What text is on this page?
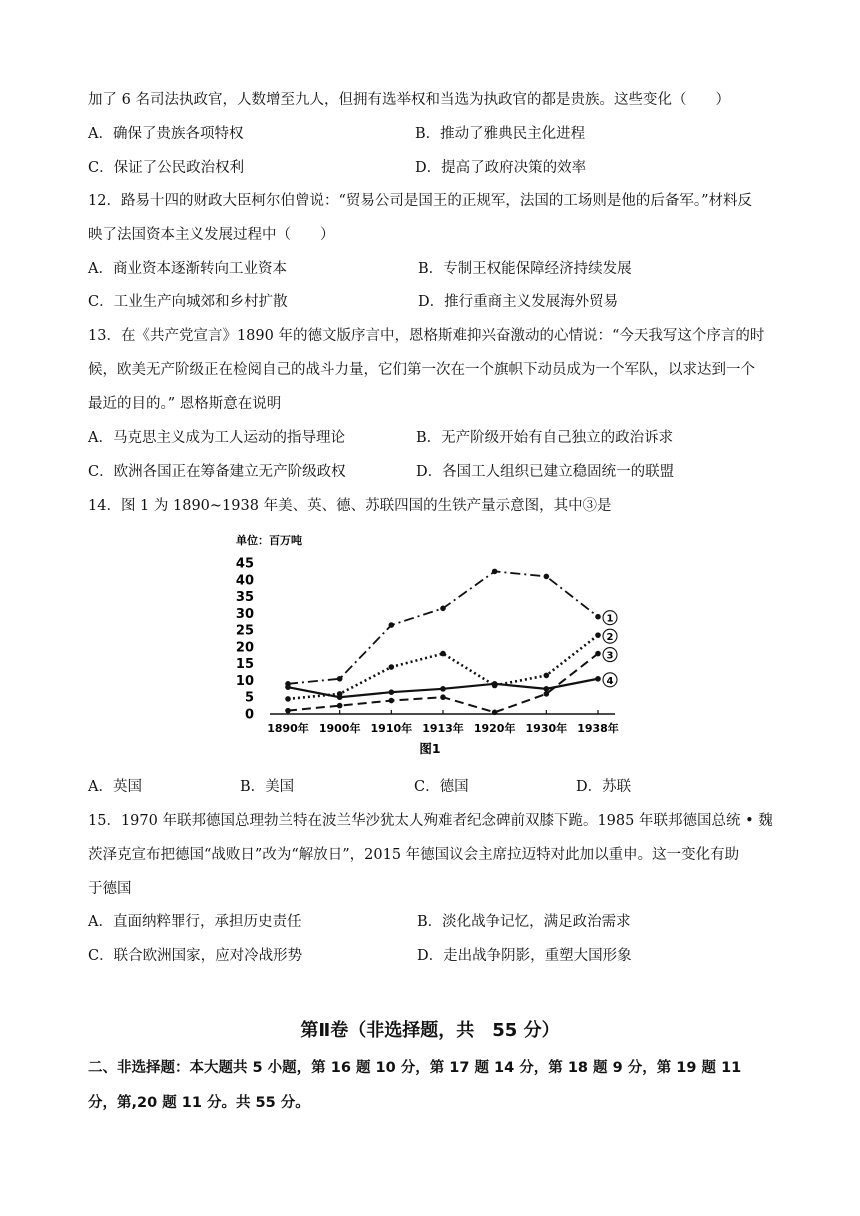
加了 6 名司法执政官，人数增至九人，但拥有选举权和当选为执政官的都是贵族。这些变化（　　）
A．确保了贵族各项特权	B．推动了雅典民主化进程
C．保证了公民政治权利	D．提高了政府决策的效率
12．路易十四的财政大臣柯尔伯曾说：“贸易公司是国王的正规军，法国的工场则是他的后备军。”材料反
映了法国资本主义发展过程中（　　）
A．商业资本逐渐转向工业资本	B．专制王权能保障经济持续发展
C．工业生产向城郊和乡村扩散	D．推行重商主义发展海外贸易
13．在《共产党宣言》1890 年的德文版序言中，恩格斯难抑兴奋激动的心情说：“今天我写这个序言的时
候，欧美无产阶级正在检阅自己的战斗力量，它们第一次在一个旗帜下动员成为一个军队，以求达到一个
最近的目的。” 恩格斯意在说明
A．马克思主义成为工人运动的指导理论	B．无产阶级开始有自己独立的政治诉求
C．欧洲各国正在筹备建立无产阶级政权	D．各国工人组织已建立稳固统一的联盟
14．图 1 为 1890~1938 年美、英、德、苏联四国的生铁产量示意图，其中③是
单位：百万吨
45
40
35
30
25
20
15
10
5
0
1890年 1900年 1910年 1913年 1920年 1930年 1938年
1
2
3
4
图1
A．英国	B．美国	C．德国	D．苏联
15．1970 年联邦德国总理勃兰特在波兰华沙犹太人殉难者纪念碑前双膝下跪。1985 年联邦德国总统 • 魏
茨泽克宣布把德国“战败日”改为“解放日”，2015 年德国议会主席拉迈特对此加以重申。这一变化有助
于德国
A．直面纳粹罪行，承担历史责任	B．淡化战争记忆，满足政治需求
C．联合欧洲国家，应对冷战形势	D．走出战争阴影，重塑大国形象
第Ⅱ卷（非选择题，共　55 分）
二、非选择题：本大题共 5 小题，第 16 题 10 分，第 17 题 14 分，第 18 题 9 分，第 19 题 11
分，第,20 题 11 分。共 55 分。
